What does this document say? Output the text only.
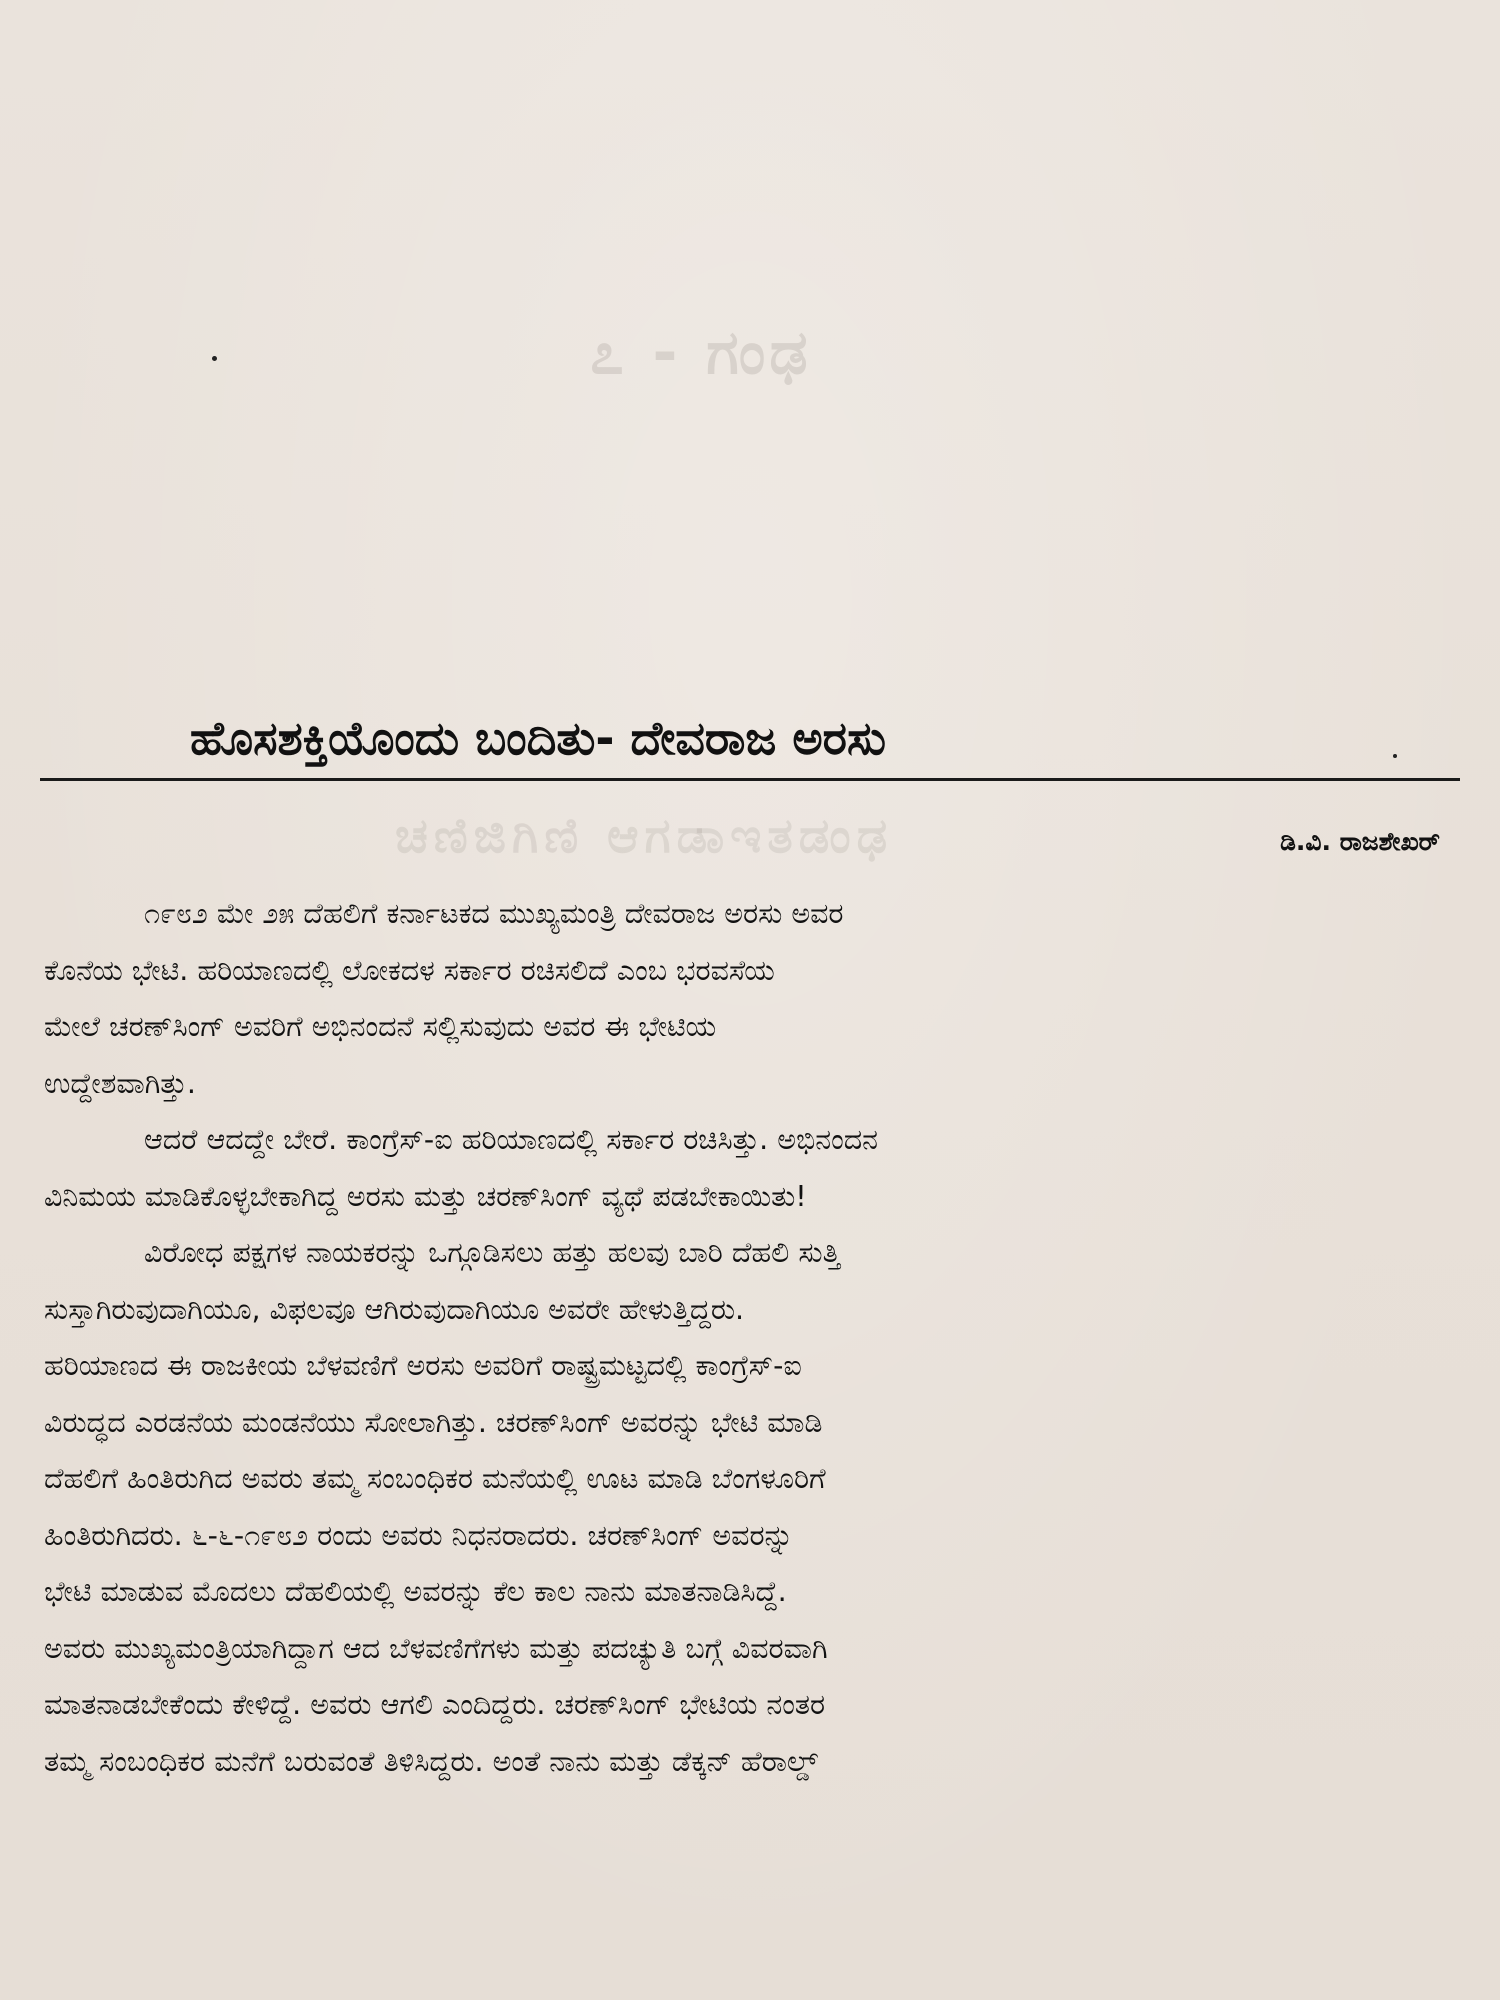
೭ - ಗಂಢ
ಚಣಿಜಿಗಿಣಿ ಆಗಡಾಇತಡಂಢ
ಹೊಸಶಕ್ತಿಯೊಂದು ಬಂದಿತು- ದೇವರಾಜ ಅರಸು
ಡಿ.ವಿ. ರಾಜಶೇಖರ್
೧೯೮೨ ಮೇ ೨೫ ದೆಹಲಿಗೆ ಕರ್ನಾಟಕದ ಮುಖ್ಯಮಂತ್ರಿ ದೇವರಾಜ ಅರಸು ಅವರ
ಕೊನೆಯ ಭೇಟಿ. ಹರಿಯಾಣದಲ್ಲಿ ಲೋಕದಳ ಸರ್ಕಾರ ರಚಿಸಲಿದೆ ಎಂಬ ಭರವಸೆಯ
ಮೇಲೆ ಚರಣ್‌ಸಿಂಗ್ ಅವರಿಗೆ ಅಭಿನಂದನೆ ಸಲ್ಲಿಸುವುದು ಅವರ ಈ ಭೇಟಿಯ
ಉದ್ದೇಶವಾಗಿತ್ತು.
ಆದರೆ ಆದದ್ದೇ ಬೇರೆ. ಕಾಂಗ್ರೆಸ್-ಐ ಹರಿಯಾಣದಲ್ಲಿ ಸರ್ಕಾರ ರಚಿಸಿತ್ತು. ಅಭಿನಂದನ
ವಿನಿಮಯ ಮಾಡಿಕೊಳ್ಳಬೇಕಾಗಿದ್ದ ಅರಸು ಮತ್ತು ಚರಣ್‌ಸಿಂಗ್ ವ್ಯಥೆ ಪಡಬೇಕಾಯಿತು!
ವಿರೋಧ ಪಕ್ಷಗಳ ನಾಯಕರನ್ನು ಒಗ್ಗೂಡಿಸಲು ಹತ್ತು ಹಲವು ಬಾರಿ ದೆಹಲಿ ಸುತ್ತಿ
ಸುಸ್ತಾಗಿರುವುದಾಗಿಯೂ, ವಿಫಲವೂ ಆಗಿರುವುದಾಗಿಯೂ ಅವರೇ ಹೇಳುತ್ತಿದ್ದರು.
ಹರಿಯಾಣದ ಈ ರಾಜಕೀಯ ಬೆಳವಣಿಗೆ ಅರಸು ಅವರಿಗೆ ರಾಷ್ಟ್ರಮಟ್ಟದಲ್ಲಿ ಕಾಂಗ್ರೆಸ್-ಐ
ವಿರುದ್ಧದ ಎರಡನೆಯ ಮಂಡನೆಯು ಸೋಲಾಗಿತ್ತು. ಚರಣ್‌ಸಿಂಗ್ ಅವರನ್ನು ಭೇಟಿ ಮಾಡಿ
ದೆಹಲಿಗೆ ಹಿಂತಿರುಗಿದ ಅವರು ತಮ್ಮ ಸಂಬಂಧಿಕರ ಮನೆಯಲ್ಲಿ ಊಟ ಮಾಡಿ ಬೆಂಗಳೂರಿಗೆ
ಹಿಂತಿರುಗಿದರು. ೬-೬-೧೯೮೨ ರಂದು ಅವರು ನಿಧನರಾದರು. ಚರಣ್‌ಸಿಂಗ್ ಅವರನ್ನು
ಭೇಟಿ ಮಾಡುವ ಮೊದಲು ದೆಹಲಿಯಲ್ಲಿ ಅವರನ್ನು ಕೆಲ ಕಾಲ ನಾನು ಮಾತನಾಡಿಸಿದ್ದೆ.
ಅವರು ಮುಖ್ಯಮಂತ್ರಿಯಾಗಿದ್ದಾಗ ಆದ ಬೆಳವಣಿಗೆಗಳು ಮತ್ತು ಪದಚ್ಯುತಿ ಬಗ್ಗೆ ವಿವರವಾಗಿ
ಮಾತನಾಡಬೇಕೆಂದು ಕೇಳಿದ್ದೆ. ಅವರು ಆಗಲಿ ಎಂದಿದ್ದರು. ಚರಣ್‌ಸಿಂಗ್ ಭೇಟಿಯ ನಂತರ
ತಮ್ಮ ಸಂಬಂಧಿಕರ ಮನೆಗೆ ಬರುವಂತೆ ತಿಳಿಸಿದ್ದರು. ಅಂತೆ ನಾನು ಮತ್ತು ಡೆಕ್ಕನ್ ಹೆರಾಲ್ಡ್
